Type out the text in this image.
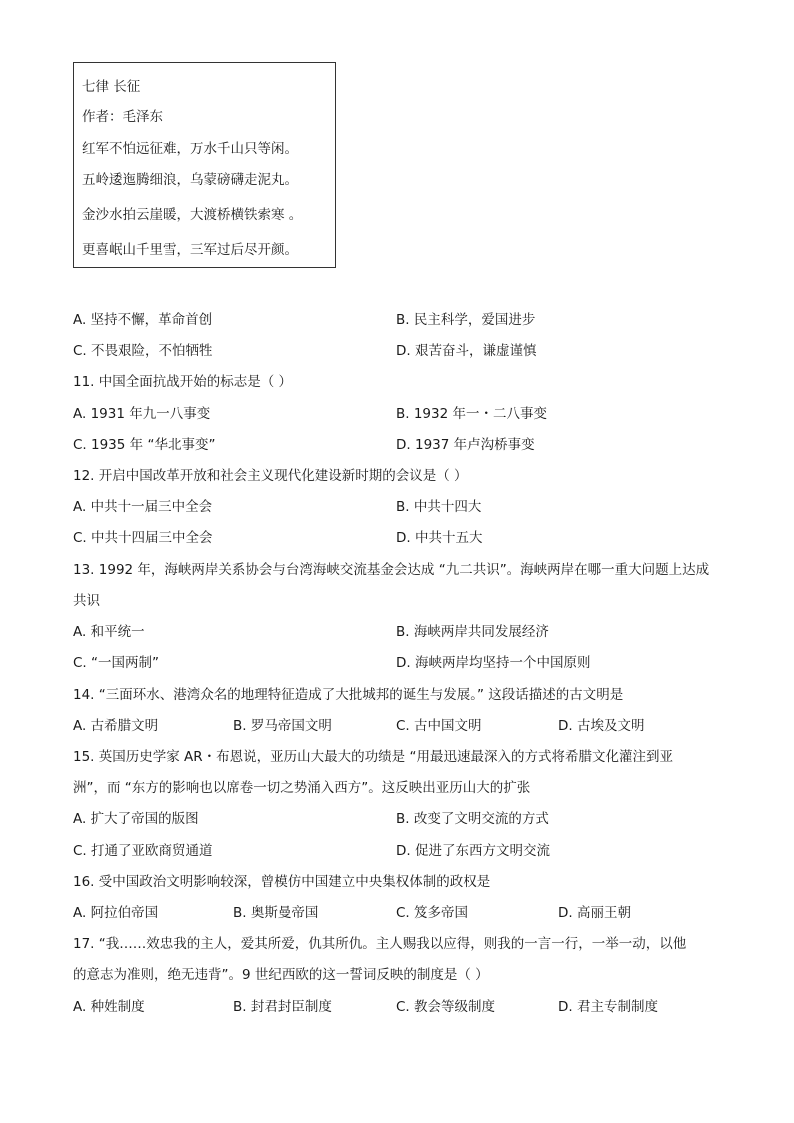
七律 长征
作者：毛泽东
红军不怕远征难，万水千山只等闲。
五岭逶迤腾细浪，乌蒙磅礴走泥丸。
金沙水拍云崖暖，大渡桥横铁索寒 。
更喜岷山千里雪，三军过后尽开颜。
A. 坚持不懈，革命首创	B. 民主科学，爱国进步
C. 不畏艰险，不怕牺牲	D. 艰苦奋斗，谦虚谨慎
11. 中国全面抗战开始的标志是（ ）
A. 1931 年九一八事变	B. 1932 年一・二八事变
C. 1935 年 “华北事变”	D. 1937 年卢沟桥事变
12. 开启中国改革开放和社会主义现代化建设新时期的会议是（ ）
A. 中共十一届三中全会	B. 中共十四大
C. 中共十四届三中全会	D. 中共十五大
13. 1992 年，海峡两岸关系协会与台湾海峡交流基金会达成 “九二共识”。海峡两岸在哪一重大问题上达成
共识
A. 和平统一	B. 海峡两岸共同发展经济
C. “一国两制”	D. 海峡两岸均坚持一个中国原则
14. “三面环水、港湾众名的地理特征造成了大批城邦的诞生与发展。” 这段话描述的古文明是
A. 古希腊文明	B. 罗马帝国文明	C. 古中国文明	D. 古埃及文明
15. 英国历史学家 AR・布恩说，亚历山大最大的功绩是 “用最迅速最深入的方式将希腊文化灌注到亚
洲”，而 “东方的影响也以席卷一切之势涌入西方”。这反映出亚历山大的扩张
A. 扩大了帝国的版图	B. 改变了文明交流的方式
C. 打通了亚欧商贸通道	D. 促进了东西方文明交流
16. 受中国政治文明影响较深，曾模仿中国建立中央集权体制的政权是
A. 阿拉伯帝国	B. 奥斯曼帝国	C. 笈多帝国	D. 高丽王朝
17. “我……效忠我的主人，爱其所爱，仇其所仇。主人赐我以应得，则我的一言一行，一举一动，以他
的意志为准则，绝无违背”。9 世纪西欧的这一誓词反映的制度是（ ）
A. 种姓制度	B. 封君封臣制度	C. 教会等级制度	D. 君主专制制度
